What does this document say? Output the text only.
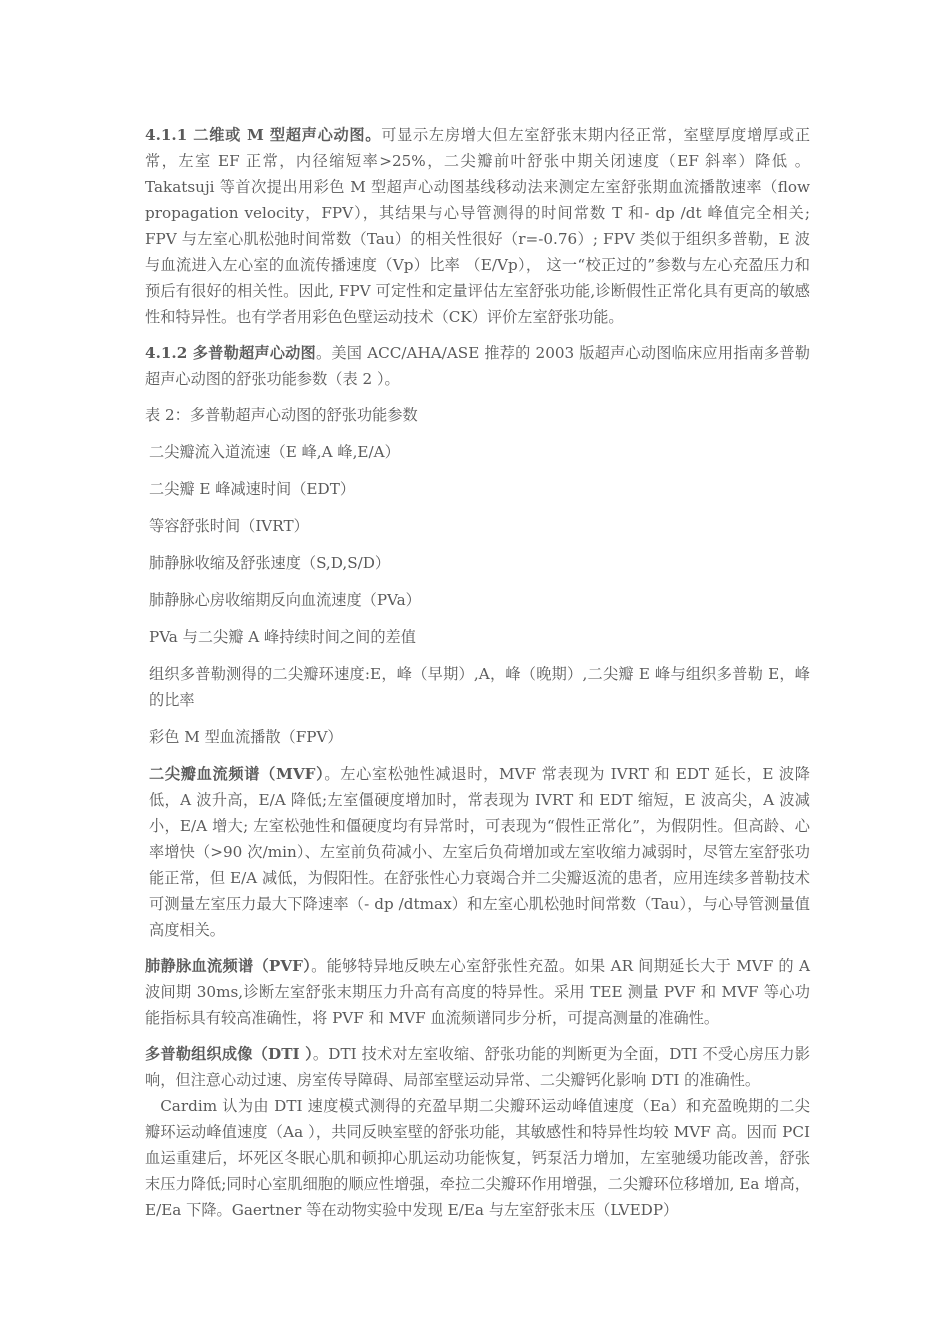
4.1.1 二维或 M 型超声心动图。可显示左房增大但左室舒张末期内径正常，室壁厚度增厚或正常，左室 EF 正常，内径缩短率>25%，二尖瓣前叶舒张中期关闭速度（EF 斜率）降低 。Takatsuji 等首次提出用彩色 M 型超声心动图基线移动法来测定左室舒张期血流播散速率（flow propagation velocity，FPV），其结果与心导管测得的时间常数 T 和- dp /dt 峰值完全相关; FPV 与左室心肌松弛时间常数（Tau）的相关性很好（r=-0.76）; FPV 类似于组织多普勒，E 波与血流进入左心室的血流传播速度（Vp）比率 （E/Vp）， 这一“校正过的”参数与左心充盈压力和预后有很好的相关性。因此, FPV 可定性和定量评估左室舒张功能,诊断假性正常化具有更高的敏感性和特异性。也有学者用彩色色壁运动技术（CK）评价左室舒张功能。

4.1.2 多普勒超声心动图。美国 ACC/AHA/ASE 推荐的 2003 版超声心动图临床应用指南多普勒超声心动图的舒张功能参数（表 2 ）。

表 2：多普勒超声心动图的舒张功能参数

二尖瓣流入道流速（E 峰,A 峰,E/A）

二尖瓣 E 峰减速时间（EDT）

等容舒张时间（IVRT）

肺静脉收缩及舒张速度（S,D,S/D）

肺静脉心房收缩期反向血流速度（PVa）

PVa 与二尖瓣 A 峰持续时间之间的差值

组织多普勒测得的二尖瓣环速度:E，峰（早期）,A，峰（晚期）,二尖瓣 E 峰与组织多普勒 E，峰的比率

彩色 M 型血流播散（FPV）

二尖瓣血流频谱（MVF）。左心室松弛性减退时，MVF 常表现为 IVRT 和 EDT 延长，E 波降低，A 波升高，E/A 降低;左室僵硬度增加时，常表现为 IVRT 和 EDT 缩短，E 波高尖，A 波减小，E/A 增大; 左室松弛性和僵硬度均有异常时，可表现为“假性正常化”，为假阴性。但高龄、心率增快（>90 次/min）、左室前负荷减小、左室后负荷增加或左室收缩力减弱时，尽管左室舒张功能正常，但 E/A 减低，为假阳性。在舒张性心力衰竭合并二尖瓣返流的患者，应用连续多普勒技术可测量左室压力最大下降速率（- dp /dtmax）和左室心肌松弛时间常数（Tau），与心导管测量值高度相关。

肺静脉血流频谱（PVF）。能够特异地反映左心室舒张性充盈。如果 AR 间期延长大于 MVF 的 A 波间期 30ms,诊断左室舒张末期压力升高有高度的特异性。采用 TEE 测量 PVF 和 MVF 等心功能指标具有较高准确性，将 PVF 和 MVF 血流频谱同步分析，可提高测量的准确性。

多普勒组织成像（DTI ）。DTI 技术对左室收缩、舒张功能的判断更为全面，DTI 不受心房压力影响，但注意心动过速、房室传导障碍、局部室壁运动异常、二尖瓣钙化影响 DTI 的准确性。

Cardim 认为由 DTI 速度模式测得的充盈早期二尖瓣环运动峰值速度（Ea）和充盈晚期的二尖瓣环运动峰值速度（Aa ），共同反映室壁的舒张功能，其敏感性和特异性均较 MVF 高。因而 PCI 血运重建后，坏死区冬眠心肌和顿抑心肌运动功能恢复，钙泵活力增加，左室驰缓功能改善，舒张末压力降低;同时心室肌细胞的顺应性增强，牵拉二尖瓣环作用增强，二尖瓣环位移增加, Ea 增高，E/Ea 下降。Gaertner 等在动物实验中发现 E/Ea 与左室舒张末压（LVEDP）
